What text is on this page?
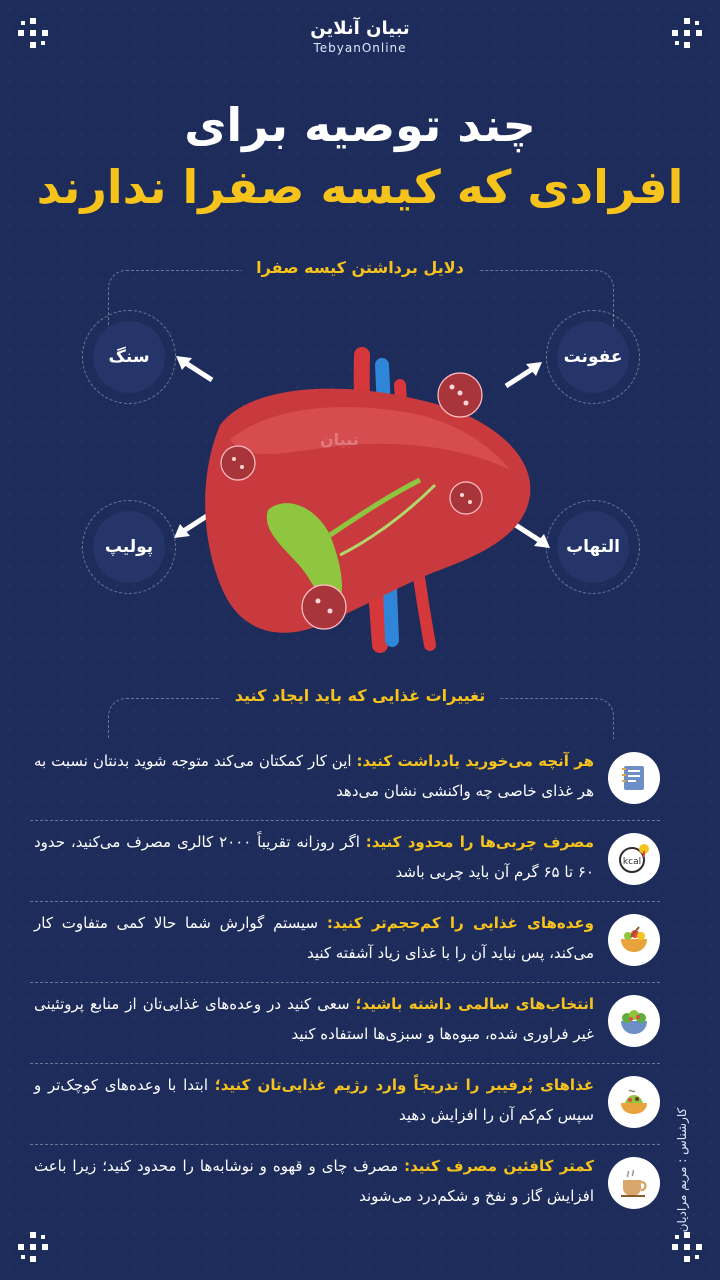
تبیان آنلاین
TebyanOnline
چند توصیه برای
افرادی که کیسه صفرا ندارند
دلایل برداشتن کیسه صفرا
سنگ	عفونت
پولیپ	التهاب
تبیان
تغییرات غذایی که باید ایجاد کنید
هر آنچه می‌خورید یادداشت کنید: این کار کمکتان می‌کند متوجه شوید بدنتان نسبت به هر غذای خاصی چه واکنشی نشان می‌دهد
kcal
مصرف چربی‌ها را محدود کنید: اگر روزانه تقریباً ۲۰۰۰ کالری مصرف می‌کنید، حدود ۶۰ تا ۶۵ گرم آن باید چربی باشد
وعده‌های غذایی را کم‌حجم‌تر کنید: سیستم گوارش شما حالا کمی متفاوت کار می‌کند، پس نباید آن را با غذای زیاد آشفته کنید
انتخاب‌های سالمی داشته باشید؛ سعی کنید در وعده‌های غذایی‌تان از منابع پروتئینی غیر فراوری شده، میوه‌ها و سبزی‌ها استفاده کنید
غذاهای پُرفیبر را تدریجاً وارد رژیم غذایی‌تان کنید؛ ابتدا با وعده‌های کوچک‌تر و سپس کم‌کم آن را افزایش دهید
کمتر کافئین مصرف کنید: مصرف چای و قهوه و نوشابه‌ها را محدود کنید؛ زیرا باعث افزایش گاز و نفخ و شکم‌درد می‌شوند	کارشناس : مریم مرادیان
